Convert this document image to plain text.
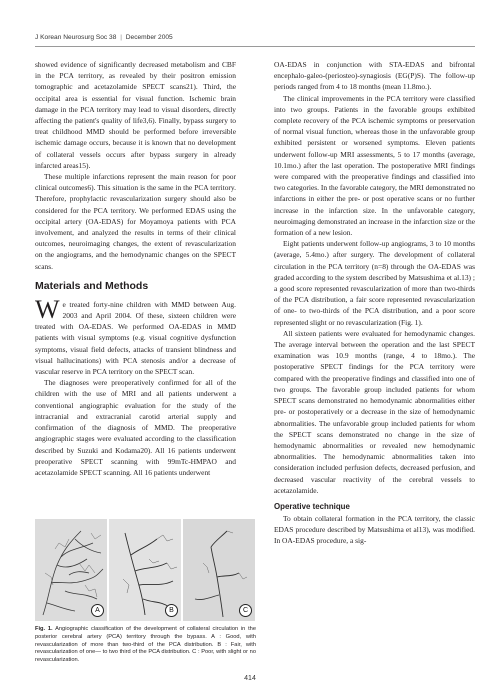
J Korean Neurosurg Soc 38 | December 2005

showed evidence of significantly decreased metabolism and CBF in the PCA territory, as revealed by their positron emission tomographic and acetazolamide SPECT scans21). Third, the occipital area is essential for visual function. Ischemic brain damage in the PCA territory may lead to visual disorders, directly affecting the patient's quality of life3,6). Finally, bypass surgery to treat childhood MMD should be performed before irreversible ischemic damage occurs, because it is known that no development of collateral vessels occurs after bypass surgery in already infarcted areas15).

These multiple infarctions represent the main reason for poor clinical outcomes6). This situation is the same in the PCA territory. Therefore, prophylactic revascularization surgery should also be considered for the PCA territory. We performed EDAS using the occipital artery (OA-EDAS) for Moyamoya patients with PCA involvement, and analyzed the results in terms of their clinical outcomes, neuroimaging changes, the extent of revascularization on the angiograms, and the hemodynamic changes on the SPECT scans.

Materials and Methods

We treated forty-nine children with MMD between Aug. 2003 and April 2004. Of these, sixteen children were treated with OA-EDAS. We performed OA-EDAS in MMD patients with visual symptoms (e.g. visual cognitive dysfunction symptoms, visual field defects, attacks of transient blindness and visual hallucinations) with PCA stenosis and/or a decrease of vascular reserve in PCA territory on the SPECT scan.

The diagnoses were preoperatively confirmed for all of the children with the use of MRI and all patients underwent a conventional angiographic evaluation for the study of the intracranial and extracranial carotid arterial supply and confirmation of the diagnosis of MMD. The preoperative angiographic stages were evaluated according to the classification described by Suzuki and Kodama20). All 16 patients underwent preoperative SPECT scanning with 99mTc-HMPAO and acetazolamide SPECT scanning. All 16 patients underwent

OA-EDAS in conjunction with STA-EDAS and bifrontal encephalo-galeo-(periosteo)-synagiosis (EG(P)S). The follow-up periods ranged from 4 to 18 months (mean 11.8mo.).

The clinical improvements in the PCA territory were classified into two groups. Patients in the favorable groups exhibited complete recovery of the PCA ischemic symptoms or preservation of normal visual function, whereas those in the unfavorable group exhibited persistent or worsened symptoms. Eleven patients underwent follow-up MRI assessments, 5 to 17 months (average, 10.1mo.) after the last operation. The postoperative MRI findings were compared with the preoperative findings and classified into two categories. In the favorable category, the MRI demonstrated no infarctions in either the pre- or post operative scans or no further increase in the infarction size. In the unfavorable category, neuroimaging demonstrated an increase in the infarction size or the formation of a new lesion.

Eight patients underwent follow-up angiograms, 3 to 10 months (average, 5.4mo.) after surgery. The development of collateral circulation in the PCA territory (n=8) through the OA-EDAS was graded according to the system described by Matsushima et al.13) ; a good score represented revascularization of more than two-thirds of the PCA distribution, a fair score represented revascularization of one- to two-thirds of the PCA distribution, and a poor score represented slight or no revascularization (Fig. 1).

All sixteen patients were evaluated for hemodynamic changes. The average interval between the operation and the last SPECT examination was 10.9 months (range, 4 to 18mo.). The postoperative SPECT findings for the PCA territory were compared with the preoperative findings and classified into one of two groups. The favorable group included patients for whom SPECT scans demonstrated no hemodynamic abnormalities either pre- or postoperatively or a decrease in the size of hemodynamic abnormalities. The unfavorable group included patients for whom the SPECT scans demonstrated no change in the size of hemodynamic abnormalities or revealed new hemodynamic abnormalities. The hemodynamic abnormalities taken into consideration included perfusion defects, decreased perfusion, and decreased vascular reactivity of the cerebral vessels to acetazolamide.

Operative technique

To obtain collateral formation in the PCA territory, the classic EDAS procedure described by Matsushima et al13), was modified. In OA-EDAS procedure, a sig-

A	B	C
Fig. 1. Angiographic classification of the development of collateral circulation in the posterior cerebral artery (PCA) territory through the bypass. A : Good, with revascularization of more than two-third of the PCA distribution. B : Fair, with revascularization of one— to two third of the PCA distribution. C : Poor, with slight or no revascularization.
414
